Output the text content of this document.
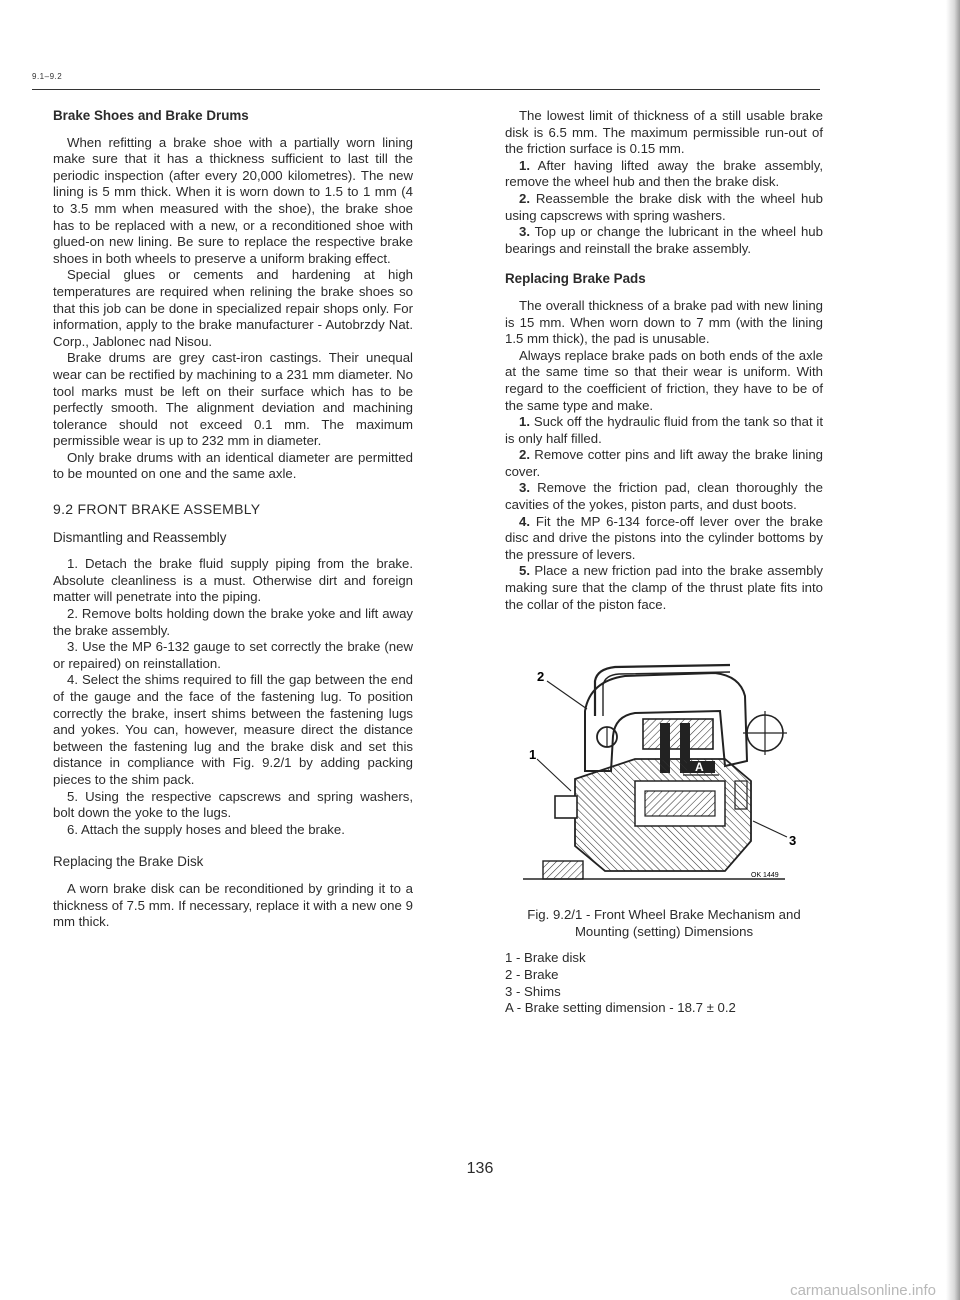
9.1–9.2
Brake Shoes and Brake Drums

When refitting a brake shoe with a partially worn lining make sure that it has a thickness sufficient to last till the periodic inspection (after every 20,000 kilometres). The new lining is 5 mm thick. When it is worn down to 1.5 to 1 mm (4 to 3.5 mm when measured with the shoe), the brake shoe has to be replaced with a new, or a reconditioned shoe with glued-on new lining. Be sure to replace the respective brake shoes in both wheels to preserve a uniform braking effect.

Special glues or cements and hardening at high temperatures are required when relining the brake shoes so that this job can be done in specialized repair shops only. For information, apply to the brake manufacturer - Autobrzdy Nat. Corp., Jablonec nad Nisou.

Brake drums are grey cast-iron castings. Their unequal wear can be rectified by machining to a 231 mm diameter. No tool marks must be left on their surface which has to be perfectly smooth. The alignment deviation and machining tolerance should not exceed 0.1 mm. The maximum permissible wear is up to 232 mm in diameter.

Only brake drums with an identical diameter are permitted to be mounted on one and the same axle.

9.2 FRONT BRAKE ASSEMBLY
Dismantling and Reassembly

1. Detach the brake fluid supply piping from the brake. Absolute cleanliness is a must. Otherwise dirt and foreign matter will penetrate into the piping.

2. Remove bolts holding down the brake yoke and lift away the brake assembly.

3. Use the MP 6-132 gauge to set correctly the brake (new or repaired) on reinstallation.

4. Select the shims required to fill the gap between the end of the gauge and the face of the fastening lug. To position correctly the brake, insert shims between the fastening lugs and yokes. You can, however, measure direct the distance between the fastening lug and the brake disk and set this distance in compliance with Fig. 9.2/1 by adding packing pieces to the shim pack.

5. Using the respective capscrews and spring washers, bolt down the yoke to the lugs.

6. Attach the supply hoses and bleed the brake.

Replacing the Brake Disk

A worn brake disk can be reconditioned by grinding it to a thickness of 7.5 mm. If necessary, replace it with a new one 9 mm thick.

The lowest limit of thickness of a still usable brake disk is 6.5 mm. The maximum permissible run-out of the friction surface is 0.15 mm.

1. After having lifted away the brake assembly, remove the wheel hub and then the brake disk.

2. Reassemble the brake disk with the wheel hub using capscrews with spring washers.

3. Top up or change the lubricant in the wheel hub bearings and reinstall the brake assembly.

Replacing Brake Pads

The overall thickness of a brake pad with new lining is 15 mm. When worn down to 7 mm (with the lining 1.5 mm thick), the pad is unusable.

Always replace brake pads on both ends of the axle at the same time so that their wear is uniform. With regard to the coefficient of friction, they have to be of the same type and make.

1. Suck off the hydraulic fluid from the tank so that it is only half filled.

2. Remove cotter pins and lift away the brake lining cover.

3. Remove the friction pad, clean thoroughly the cavities of the yokes, piston parts, and dust boots.

4. Fit the MP 6-134 force-off lever over the brake disc and drive the pistons into the cylinder bottoms by the pressure of levers.

5. Place a new friction pad into the brake assembly making sure that the clamp of the thrust plate fits into the collar of the piston face.

2
1
3
A
OK 1449
Fig. 9.2/1 - Front Wheel Brake Mechanism and Mounting (setting) Dimensions
1 - Brake disk
2 - Brake
3 - Shims
A - Brake setting dimension - 18.7 ± 0.2
136
carmanualsonline.info
